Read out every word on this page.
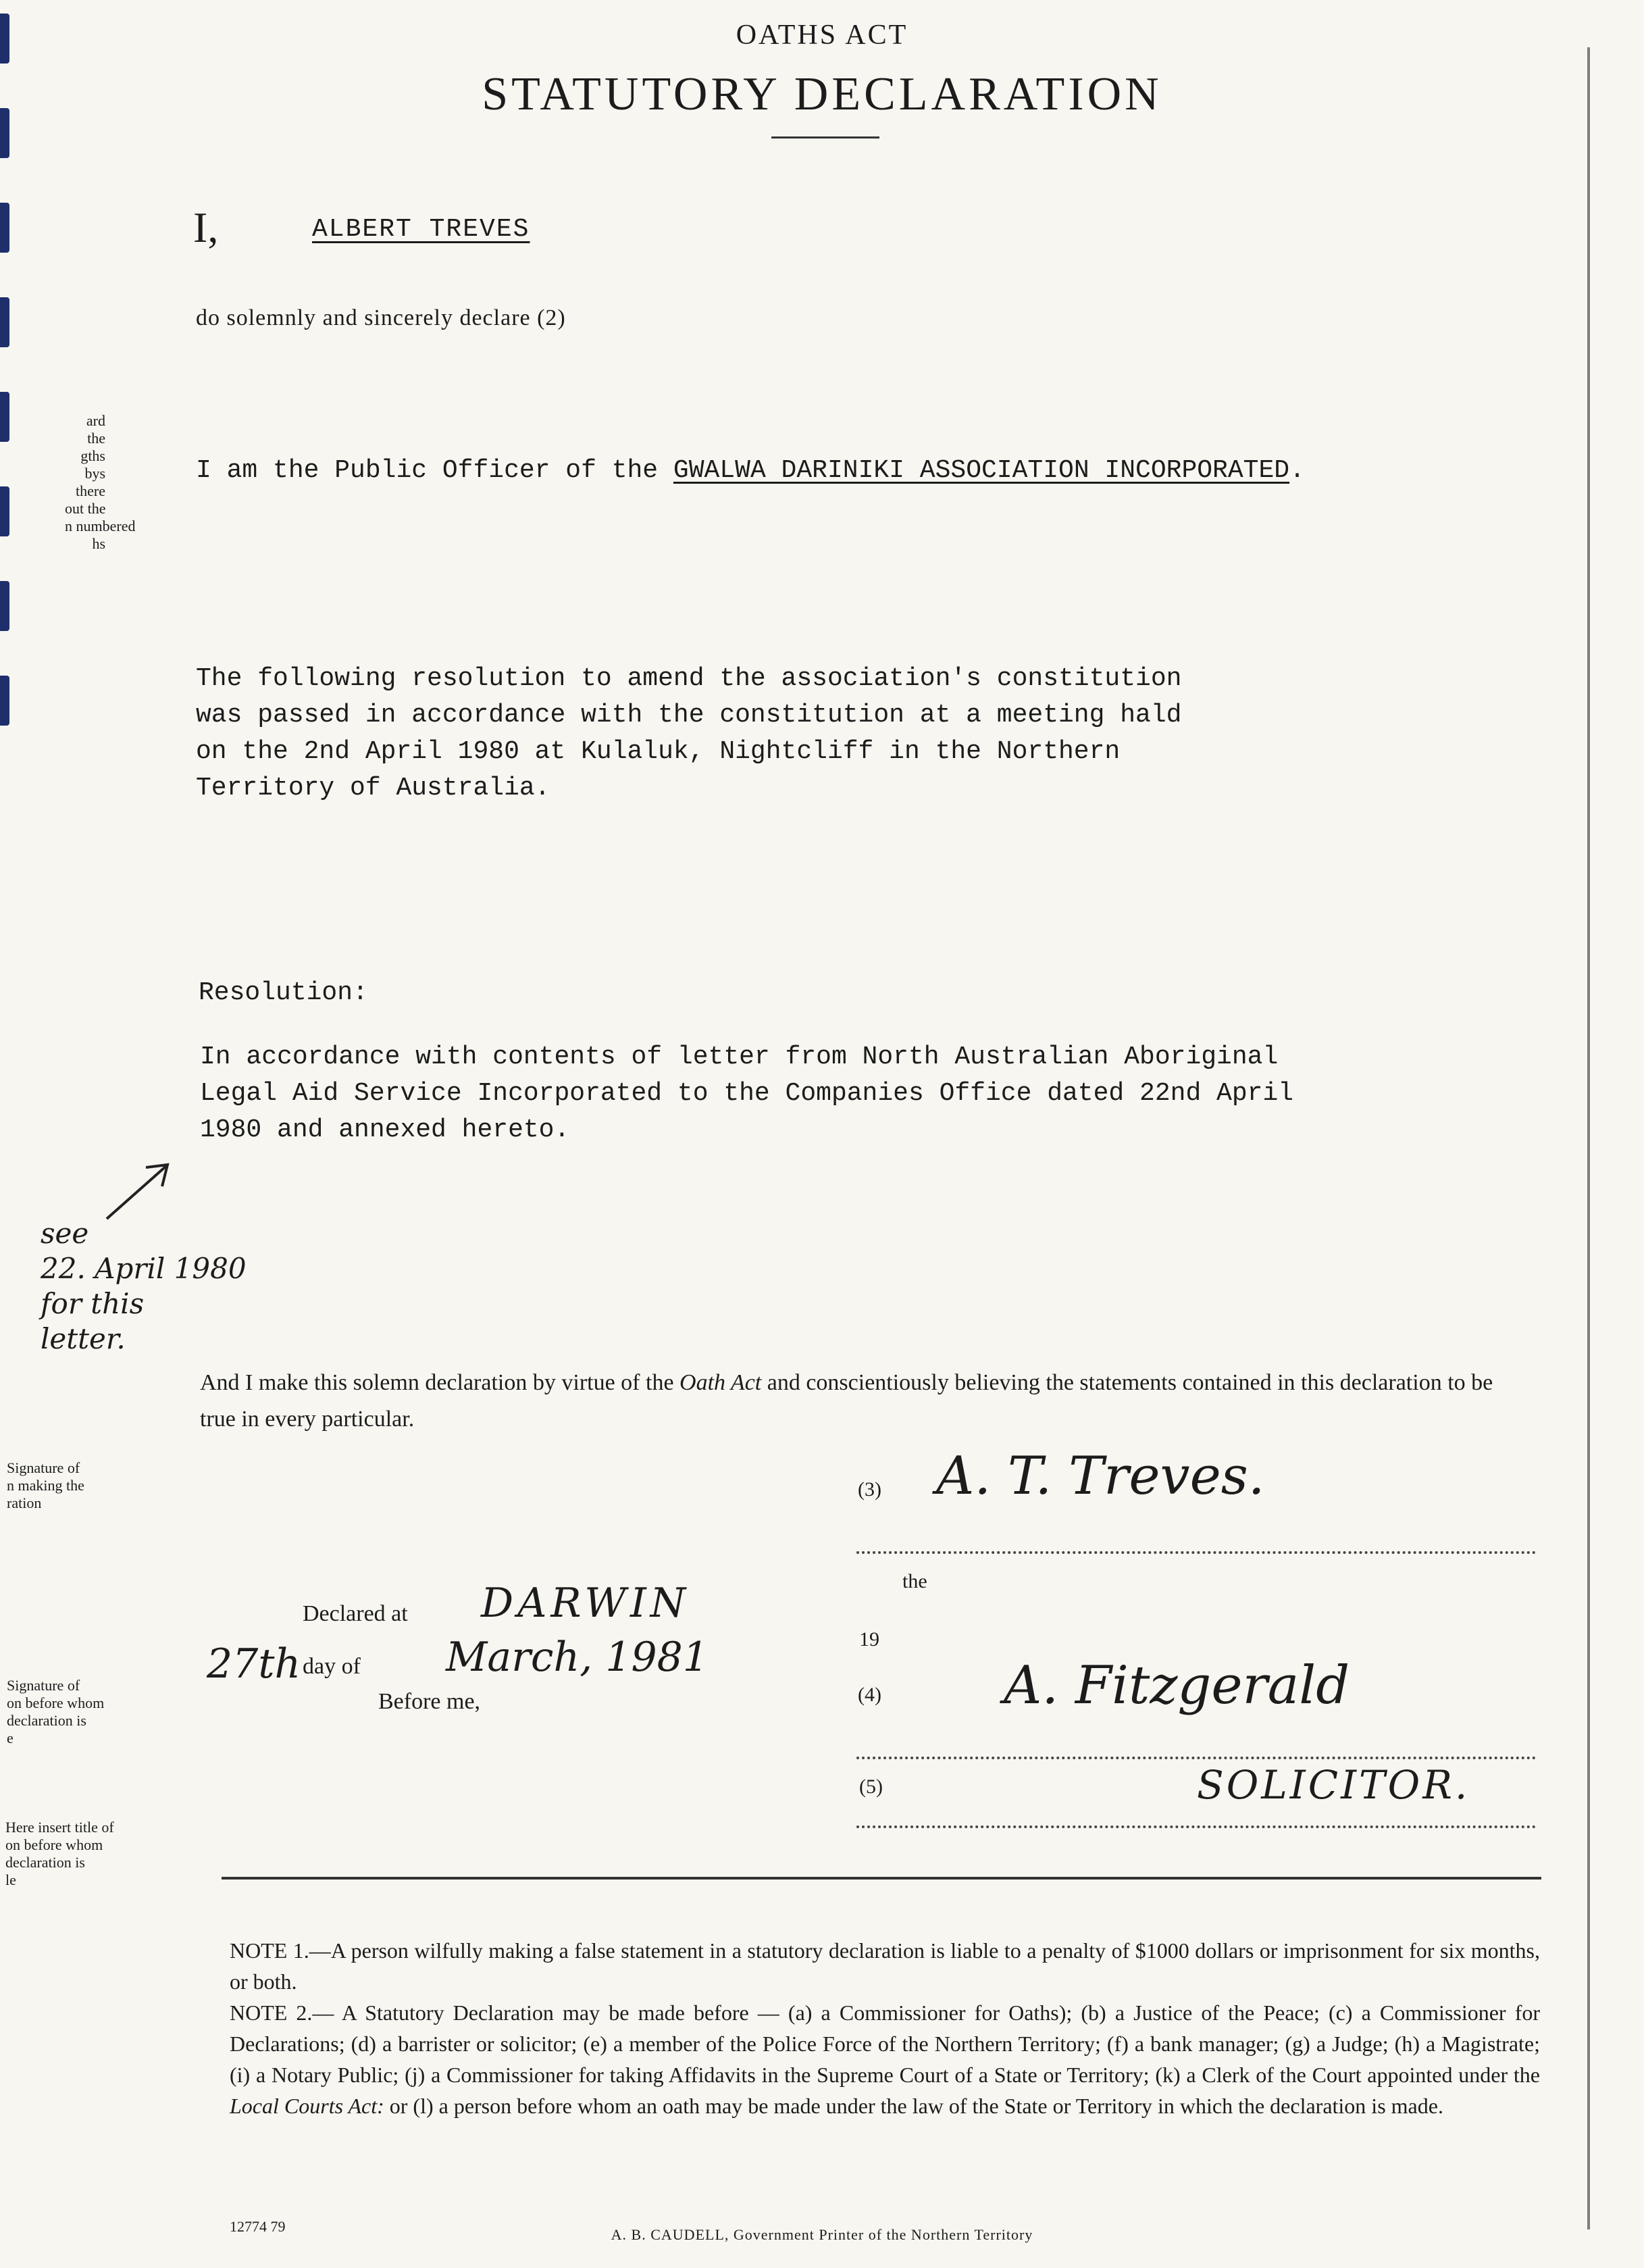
OATHS ACT
STATUTORY DECLARATION
I,	ALBERT TREVES
do solemnly and sincerely declare (2)
ard
the
gths
bys
there
out the
n numbered
hs
Signature of
n making the
ration
Signature of
on before whom
declaration is
e
Here insert title of
on before whom
declaration is
le
I am the Public Officer of the GWALWA DARINIKI ASSOCIATION INCORPORATED.
The following resolution to amend the association's constitution
was passed in accordance with the constitution at a meeting hald
on the 2nd April 1980 at Kulaluk, Nightcliff in the Northern
Territory of Australia.
Resolution:
In accordance with contents of letter from North Australian Aboriginal
Legal Aid Service Incorporated to the Companies Office dated 22nd April
1980 and annexed hereto.
see
22. April 1980
for this
letter.
And I make this solemn declaration by virtue of the Oath Act and conscientiously believing the statements contained in this declaration to be true in every particular.
(3) A. T. Treves.
the
19
(4) A. Fitzgerald
(5)	SOLICITOR.
Declared at DARWIN
27th day of March, 1981
Before me,

NOTE 1.—A person wilfully making a false statement in a statutory declaration is liable to a penalty of $1000 dollars or imprisonment for six months, or both.

NOTE 2.— A Statutory Declaration may be made before — (a) a Commissioner for Oaths); (b) a Justice of the Peace; (c) a Commissioner for Declarations; (d) a barrister or solicitor; (e) a member of the Police Force of the Northern Territory; (f) a bank manager; (g) a Judge; (h) a Magistrate; (i) a Notary Public; (j) a Commissioner for taking Affidavits in the Supreme Court of a State or Territory; (k) a Clerk of the Court appointed under the Local Courts Act: or (l) a person before whom an oath may be made under the law of the State or Territory in which the declaration is made.

12774 79	A. B. CAUDELL, Government Printer of the Northern Territory
